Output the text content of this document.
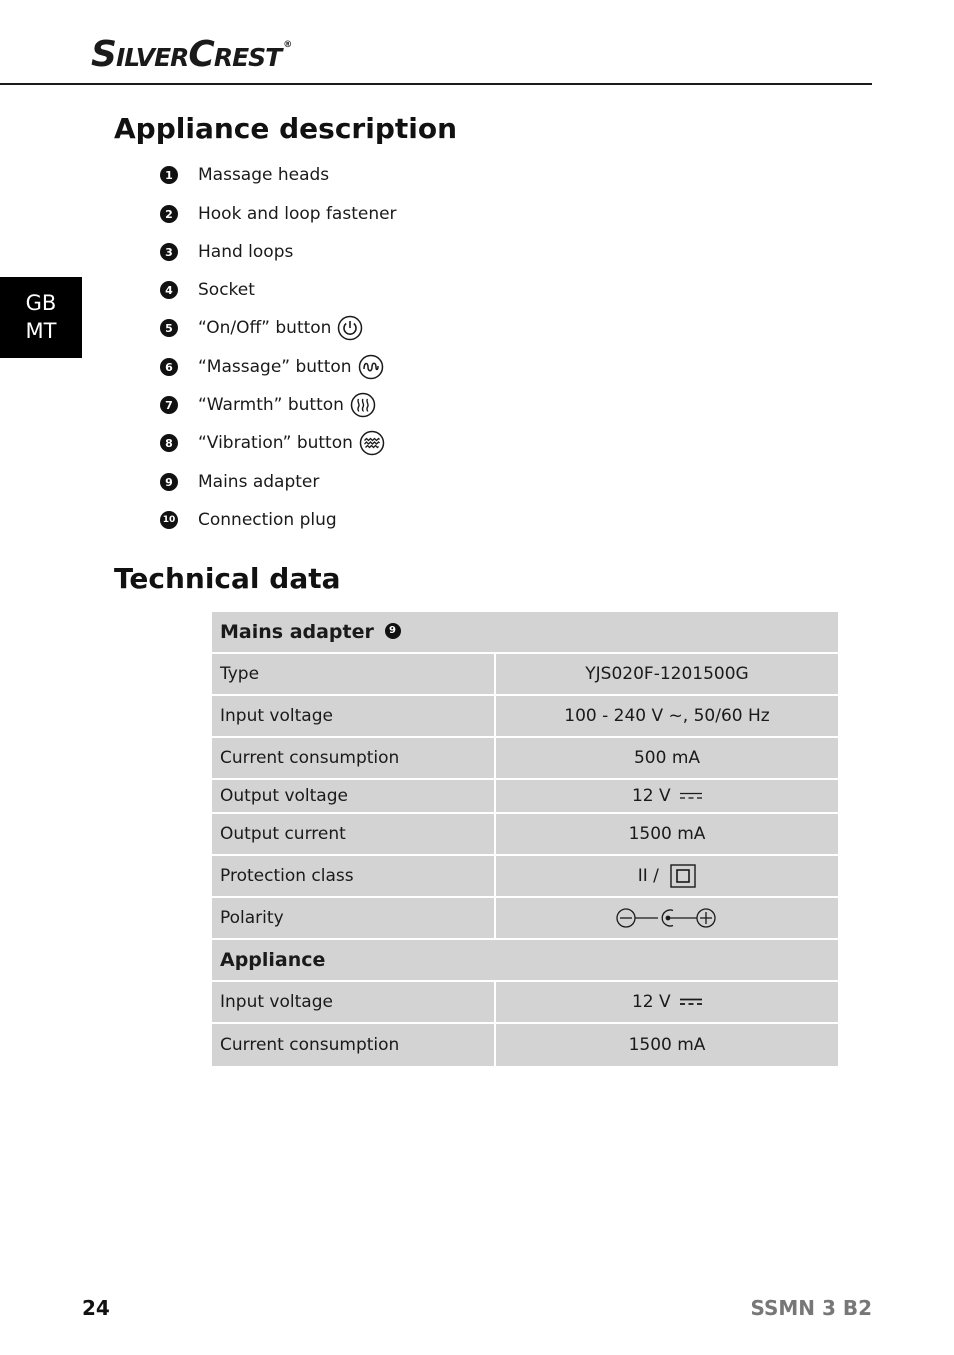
SILVERCREST ®
GB
MT
Appliance description
1	Massage heads
2	Hook and loop fastener
3	Hand loops
4	Socket
5	“On/Off” button
6	“Massage” button
7	“Warmth” button
8	“Vibration” button
9	Mains adapter
10 Connection plug
Technical data
Mains adapter 9	
Type	YJS020F-1201500G
Input voltage	100 - 240 V ~, 50/60 Hz
Current consumption	500 mA
Output voltage	12 V
Output current	1500 mA
Protection class	II /
Polarity	
Appliance	
Input voltage	12 V
Current consumption	1500 mA
24	SSMN 3 B2
